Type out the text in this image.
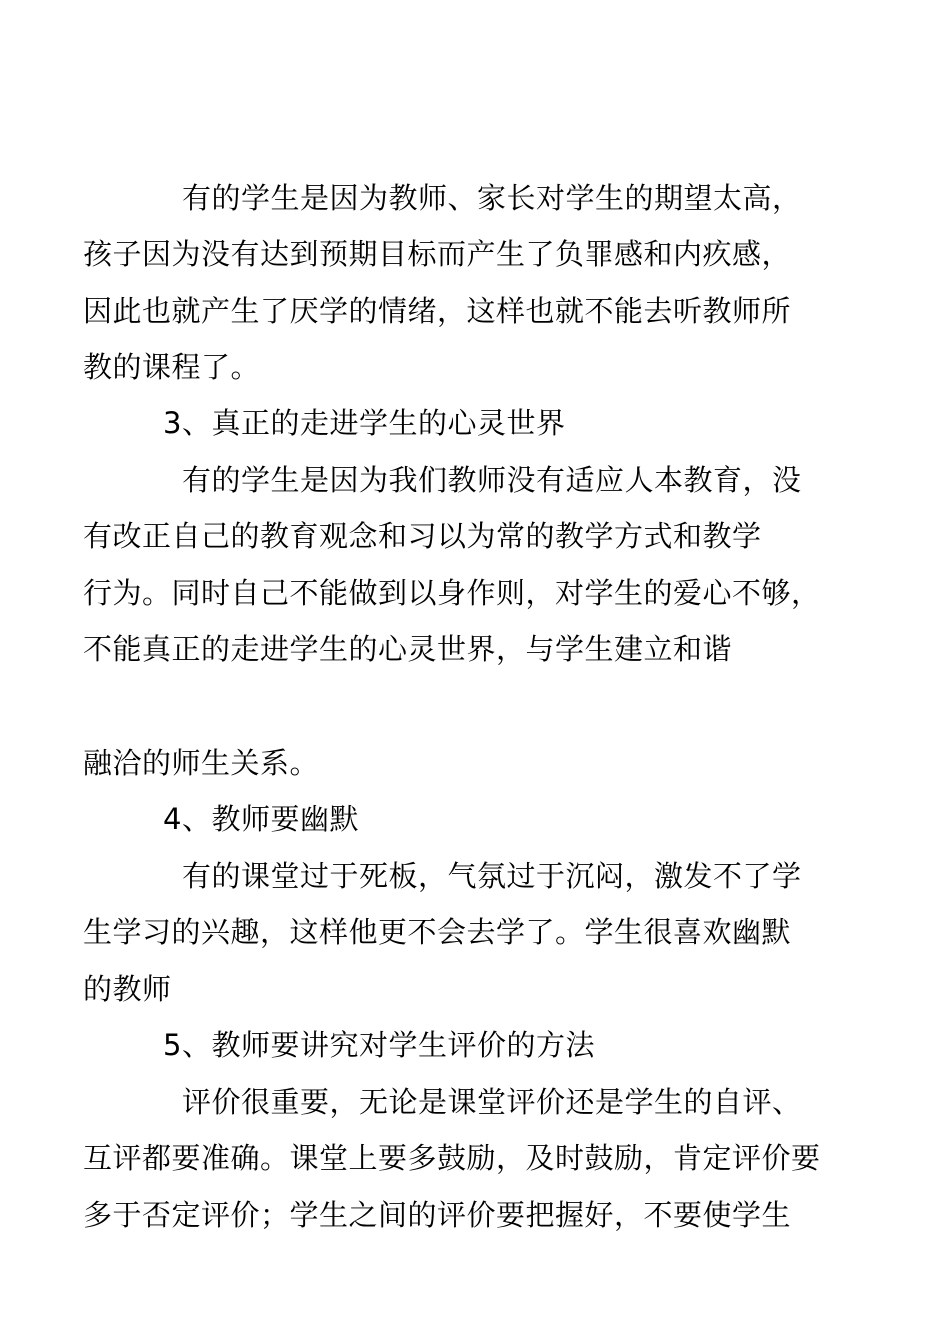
有的学生是因为教师、家长对学生的期望太高，
孩子因为没有达到预期目标而产生了负罪感和内疚感，
因此也就产生了厌学的情绪，这样也就不能去听教师所
教的课程了。
3、真正的走进学生的心灵世界
有的学生是因为我们教师没有适应人本教育，没
有改正自己的教育观念和习以为常的教学方式和教学
行为。同时自己不能做到以身作则，对学生的爱心不够，
不能真正的走进学生的心灵世界，与学生建立和谐
融洽的师生关系。
4、教师要幽默
有的课堂过于死板，气氛过于沉闷，激发不了学
生学习的兴趣，这样他更不会去学了。学生很喜欢幽默
的教师
5、教师要讲究对学生评价的方法
评价很重要，无论是课堂评价还是学生的自评、
互评都要准确。课堂上要多鼓励，及时鼓励，肯定评价要
多于否定评价；学生之间的评价要把握好，不要使学生
